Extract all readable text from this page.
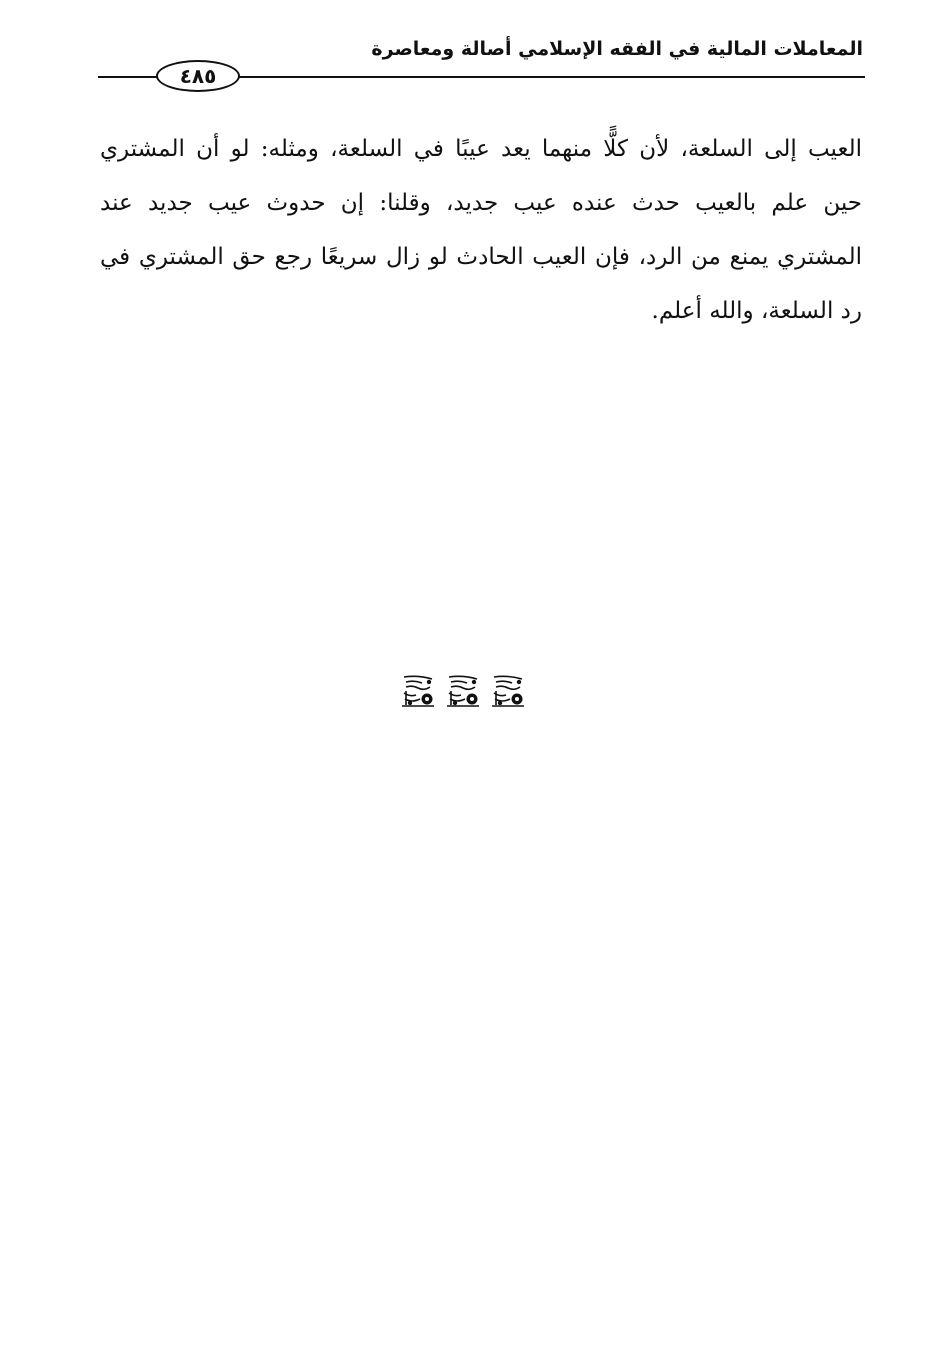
المعاملات المالية في الفقه الإسلامي أصالة ومعاصرة
٤٨٥
العيب إلى السلعة، لأن كلًّا منهما يعد عيبًا في السلعة، ومثله: لو أن المشتري
حين علم بالعيب حدث عنده عيب جديد، وقلنا: إن حدوث عيب جديد عند
المشتري يمنع من الرد، فإن العيب الحادث لو زال سريعًا رجع حق المشتري في
رد السلعة، والله أعلم.
